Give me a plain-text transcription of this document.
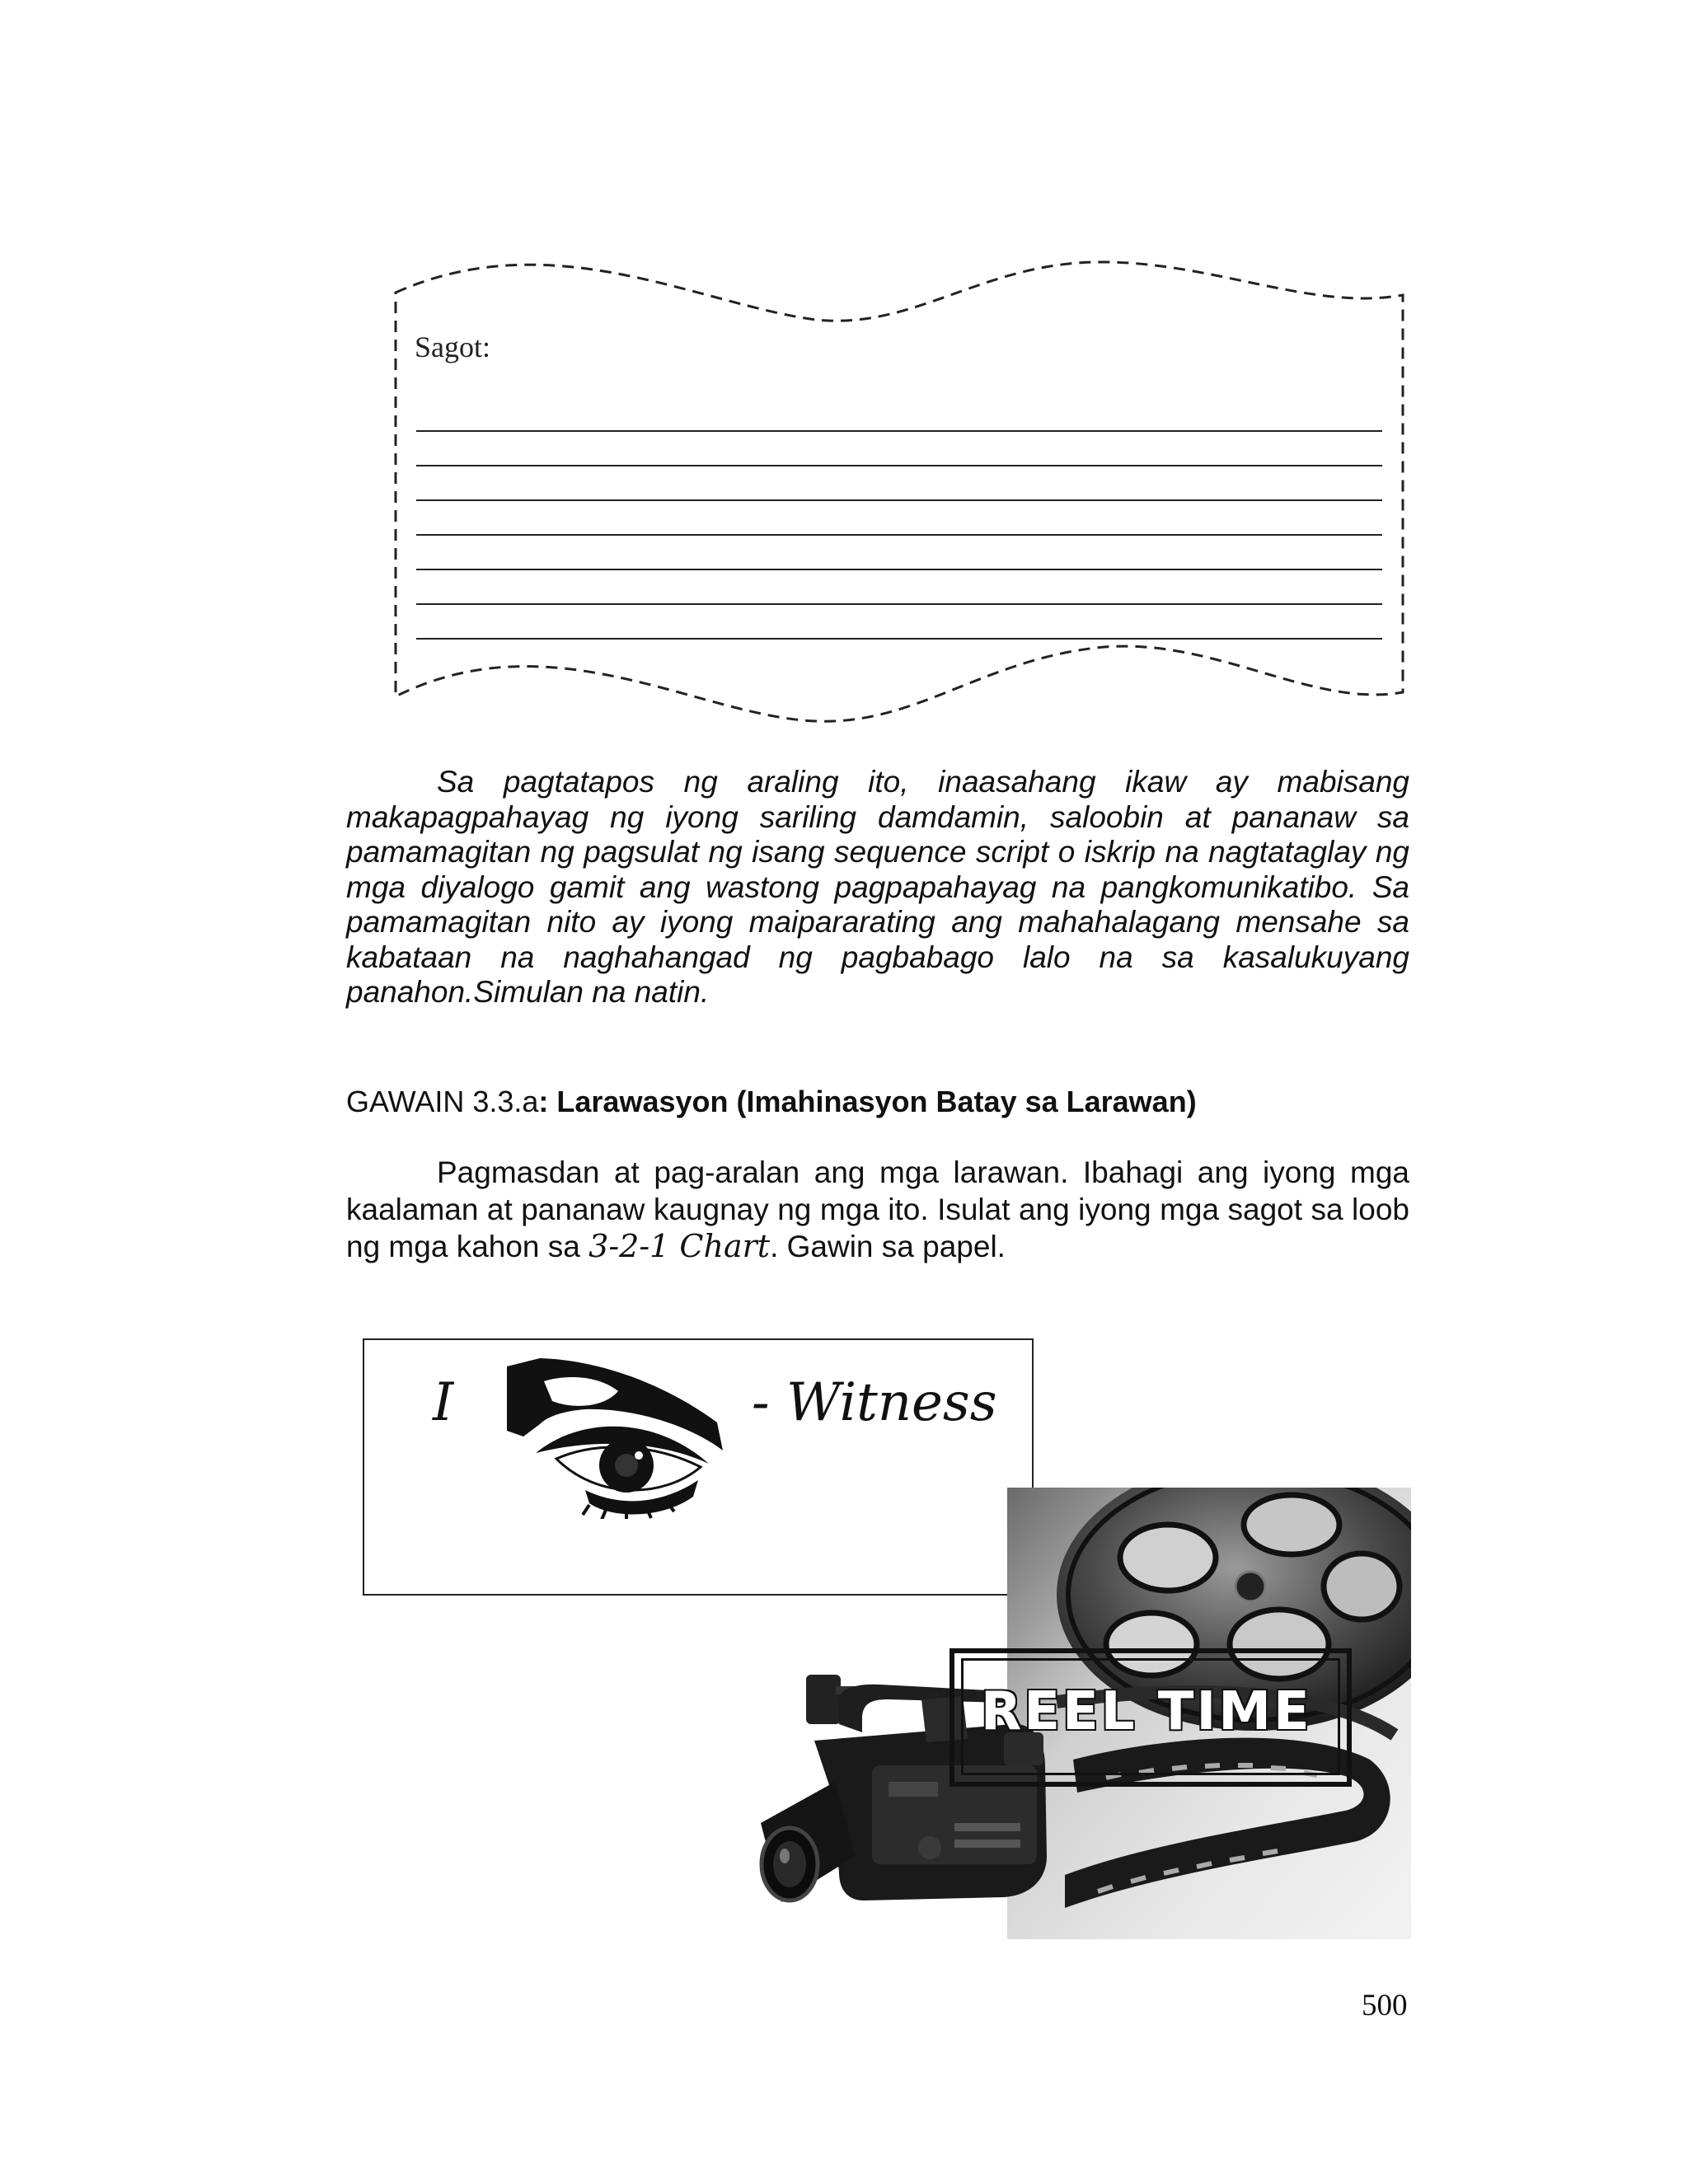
Sagot:
Sa pagtatapos ng araling ito, inaasahang ikaw ay mabisang makapagpahayag ng iyong sariling damdamin, saloobin at pananaw sa pamamagitan ng pagsulat ng isang sequence script o iskrip na nagtataglay ng mga diyalogo gamit ang wastong pagpapahayag na pangkomunikatibo. Sa pamamagitan nito ay iyong maipararating ang mahahalagang mensahe sa kabataan na naghahangad ng pagbabago lalo na sa kasalukuyang panahon.Simulan na natin.
GAWAIN 3.3.a: Larawasyon (Imahinasyon Batay sa Larawan)
Pagmasdan at pag-aralan ang mga larawan. Ibahagi ang iyong mga kaalaman at pananaw kaugnay ng mga ito. Isulat ang iyong mga sagot sa loob ng mga kahon sa 3-2-1 Chart. Gawin sa papel.
I	- Witness
REEL TIME
500
